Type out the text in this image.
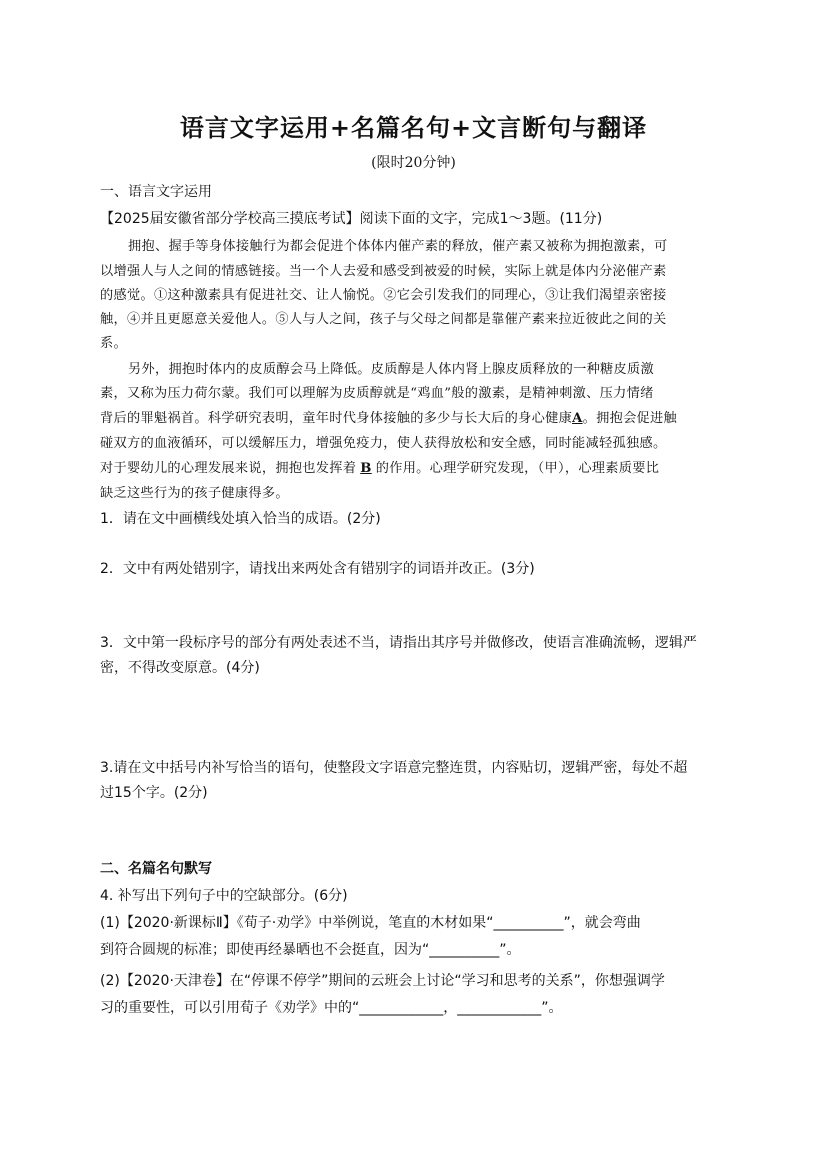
语言文字运用+名篇名句+文言断句与翻译
(限时20分钟)
一、语言文字运用
【2025届安徽省部分学校高三摸底考试】阅读下面的文字，完成1～3题。(11分)
拥抱、握手等身体接触行为都会促进个体体内催产素的释放，催产素又被称为拥抱激素，可
以增强人与人之间的情感链接。当一个人去爱和感受到被爱的时候，实际上就是体内分泌催产素
的感觉。①这种激素具有促进社交、让人愉悦。②它会引发我们的同理心，③让我们渴望亲密接
触，④并且更愿意关爱他人。⑤人与人之间，孩子与父母之间都是靠催产素来拉近彼此之间的关
系。
另外，拥抱时体内的皮质醇会马上降低。皮质醇是人体内肾上腺皮质释放的一种糖皮质激
素，又称为压力荷尔蒙。我们可以理解为皮质醇就是“鸡血”般的激素，是精神刺激、压力情绪
背后的罪魁祸首。科学研究表明，童年时代身体接触的多少与长大后的身心健康A。拥抱会促进触
碰双方的血液循环，可以缓解压力，增强免疫力，使人获得放松和安全感，同时能减轻孤独感。
对于婴幼儿的心理发展来说，拥抱也发挥着 B 的作用。心理学研究发现，（甲），心理素质要比
缺乏这些行为的孩子健康得多。
1．请在文中画横线处填入恰当的成语。(2分)
2．文中有两处错别字，请找出来两处含有错别字的词语并改正。(3分)
3．文中第一段标序号的部分有两处表述不当，请指出其序号并做修改，使语言准确流畅，逻辑严
密，不得改变原意。(4分)
3.请在文中括号内补写恰当的语句，使整段文字语意完整连贯，内容贴切，逻辑严密，每处不超
过15个字。(2分)
二、名篇名句默写
4. 补写出下列句子中的空缺部分。(6分)
(1)【2020·新课标Ⅱ】《荀子·劝学》中举例说，笔直的木材如果“__________”，就会弯曲
到符合圆规的标准；即使再经暴晒也不会挺直，因为“__________”。
(2)【2020·天津卷】在“停课不停学”期间的云班会上讨论“学习和思考的关系”，你想强调学
习的重要性，可以引用荀子《劝学》中的“____________，____________”。
